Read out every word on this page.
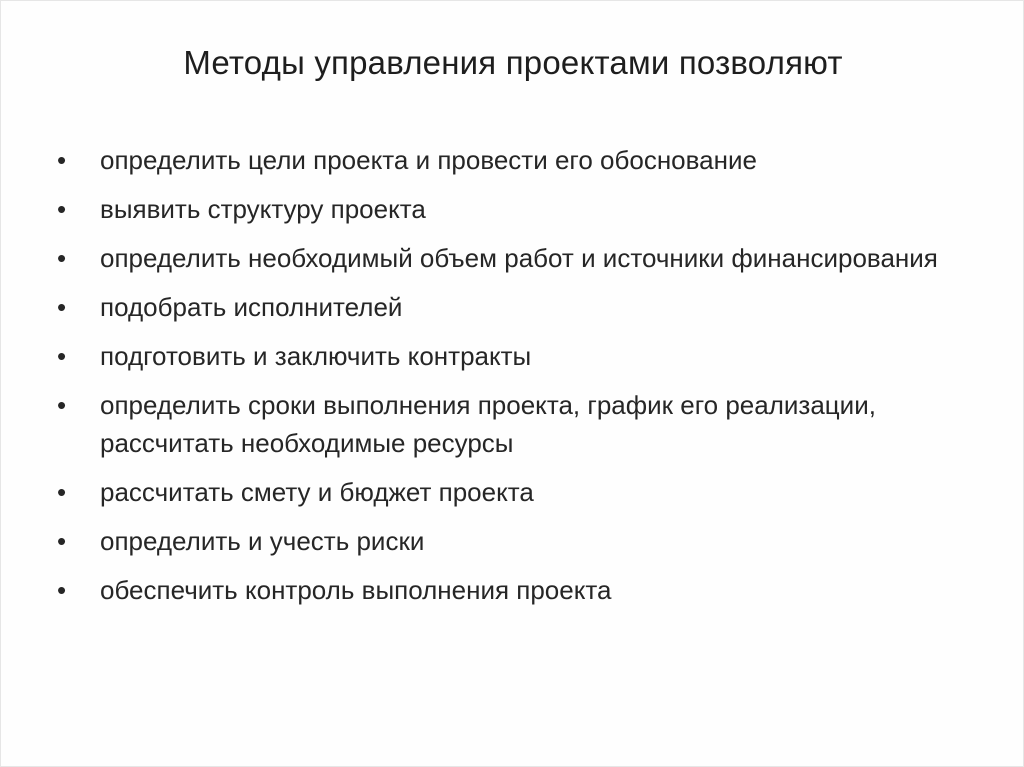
Методы управления проектами позволяют
•	определить цели проекта и провести его обоснование
•	выявить структуру проекта
•	определить необходимый объем работ и источники финансирования
•	подобрать исполнителей
•	подготовить и заключить контракты
•	определить сроки выполнения проекта, график его реализации, рассчитать необходимые ресурсы
•	рассчитать смету и бюджет проекта
•	определить и учесть риски
•	обеспечить контроль выполнения проекта
